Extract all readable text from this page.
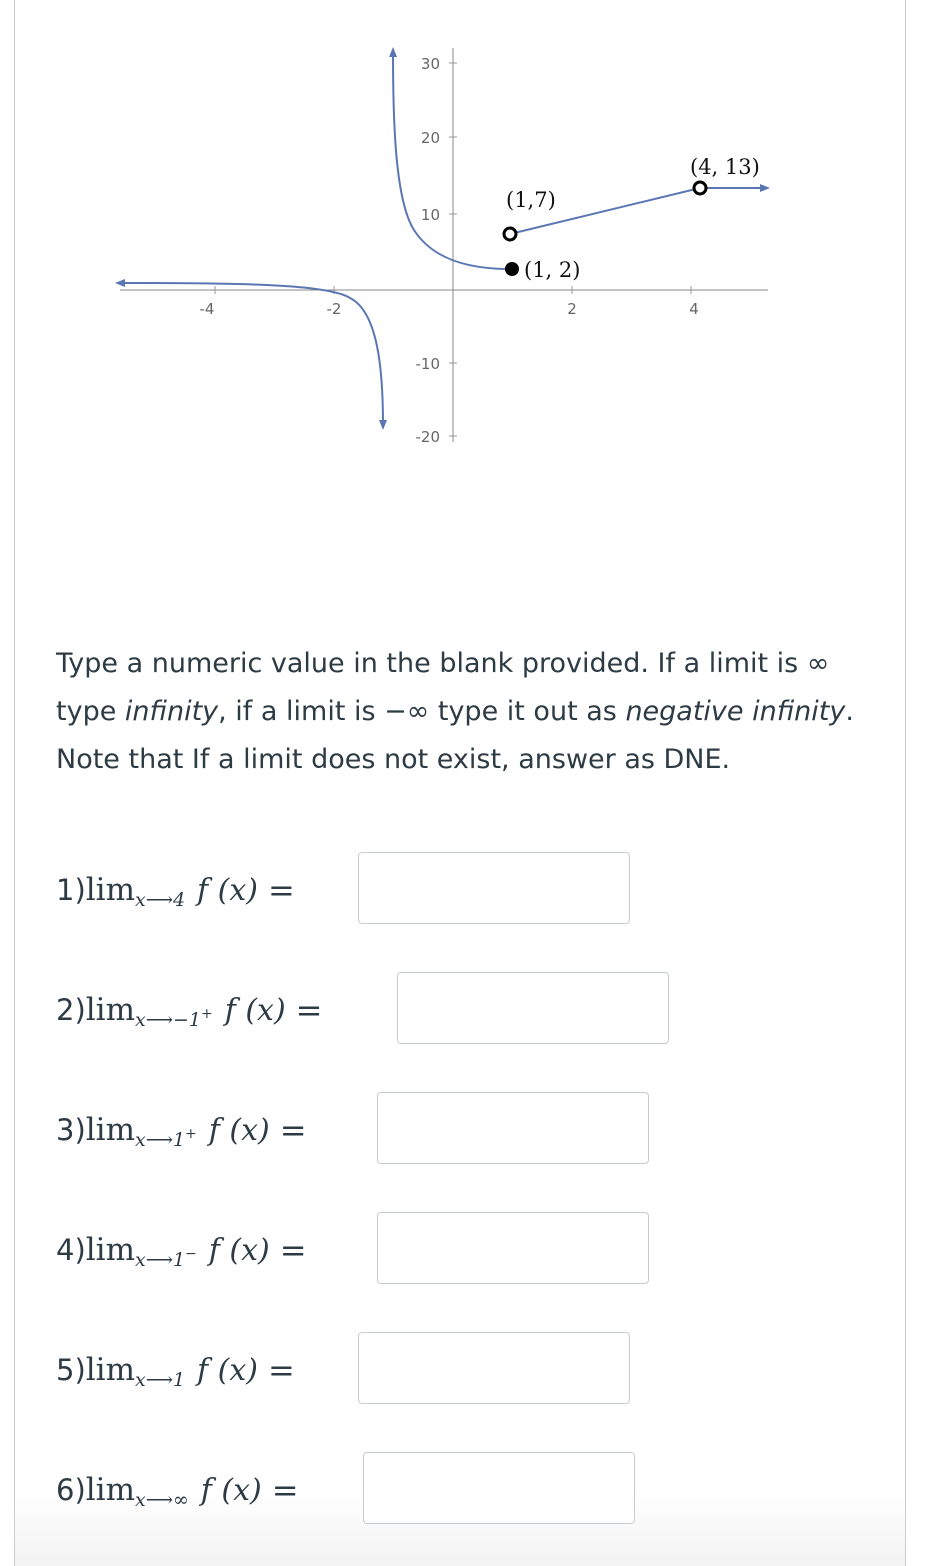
-4	-2	2	4
30
20
10
-10
-20
(1,7)
(1, 2)
(4, 13)
Type a numeric value in the blank provided. If a limit is ∞ type infinity, if a limit is −∞ type it out as negative infinity. Note that If a limit does not exist, answer as DNE.
1) lim x⟶4 f (x) =
2) lim x⟶−1+ f (x) =
3) lim x⟶1+ f (x) =
4) lim x⟶1− f (x) =
5) lim x⟶1 f (x) =
6) lim x⟶∞ f (x) =
